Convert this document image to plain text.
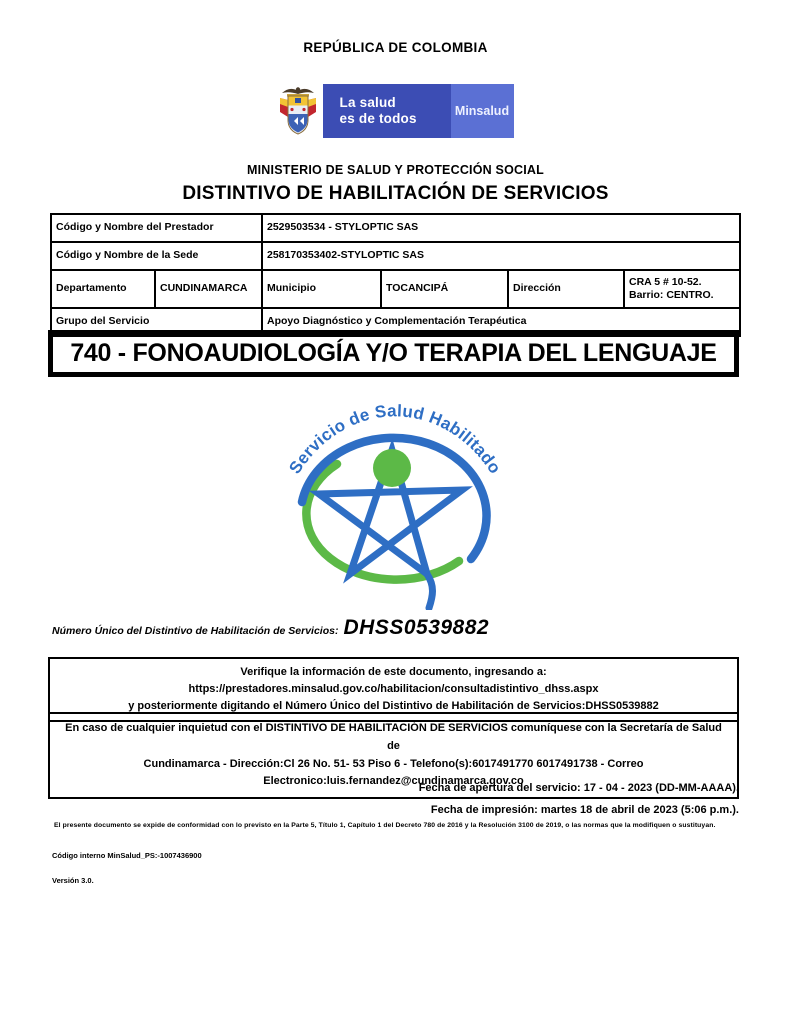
REPÚBLICA DE COLOMBIA
La salud
es de todos	Minsalud
MINISTERIO DE SALUD Y PROTECCIÓN SOCIAL
DISTINTIVO DE HABILITACIÓN DE SERVICIOS
Código y Nombre del Prestador		2529503534 - STYLOPTIC SAS			
Código y Nombre de la Sede		258170353402-STYLOPTIC SAS			
Departamento	CUNDINAMARCA	Municipio	TOCANCIPÁ	Dirección	CRA 5 # 10-52. Barrio: CENTRO.
Grupo del Servicio		Apoyo Diagnóstico y Complementación Terapéutica			
740 - FONOAUDIOLOGÍA Y/O TERAPIA DEL LENGUAJE
Servicio de Salud Habilitado
Número Único del Distintivo de Habilitación de Servicios: DHSS0539882
Verifique la información de este documento, ingresando a: https://prestadores.minsalud.gov.co/habilitacion/consultadistintivo_dhss.aspx
y posteriormente digitando el Número Único del Distintivo de Habilitación de Servicios:DHSS0539882
En caso de cualquier inquietud con el DISTINTIVO DE HABILITACIÓN DE SERVICIOS comuníquese con la Secretaría de Salud de
Cundinamarca - Dirección:Cl 26 No. 51- 53 Piso 6 - Telefono(s):6017491770 6017491738 - Correo
Electronico:luis.fernandez@cundinamarca.gov.co
Fecha de apertura del servicio: 17 - 04 - 2023 (DD-MM-AAAA).
Fecha de impresión: martes 18 de abril de 2023 (5:06 p.m.).
El presente documento se expide de conformidad con lo previsto en la Parte 5, Título 1, Capítulo 1 del Decreto 780 de 2016 y la Resolución 3100 de 2019, o las normas que la modifiquen o sustituyan.
Código interno MinSalud_PS:-1007436900
Versión 3.0.
